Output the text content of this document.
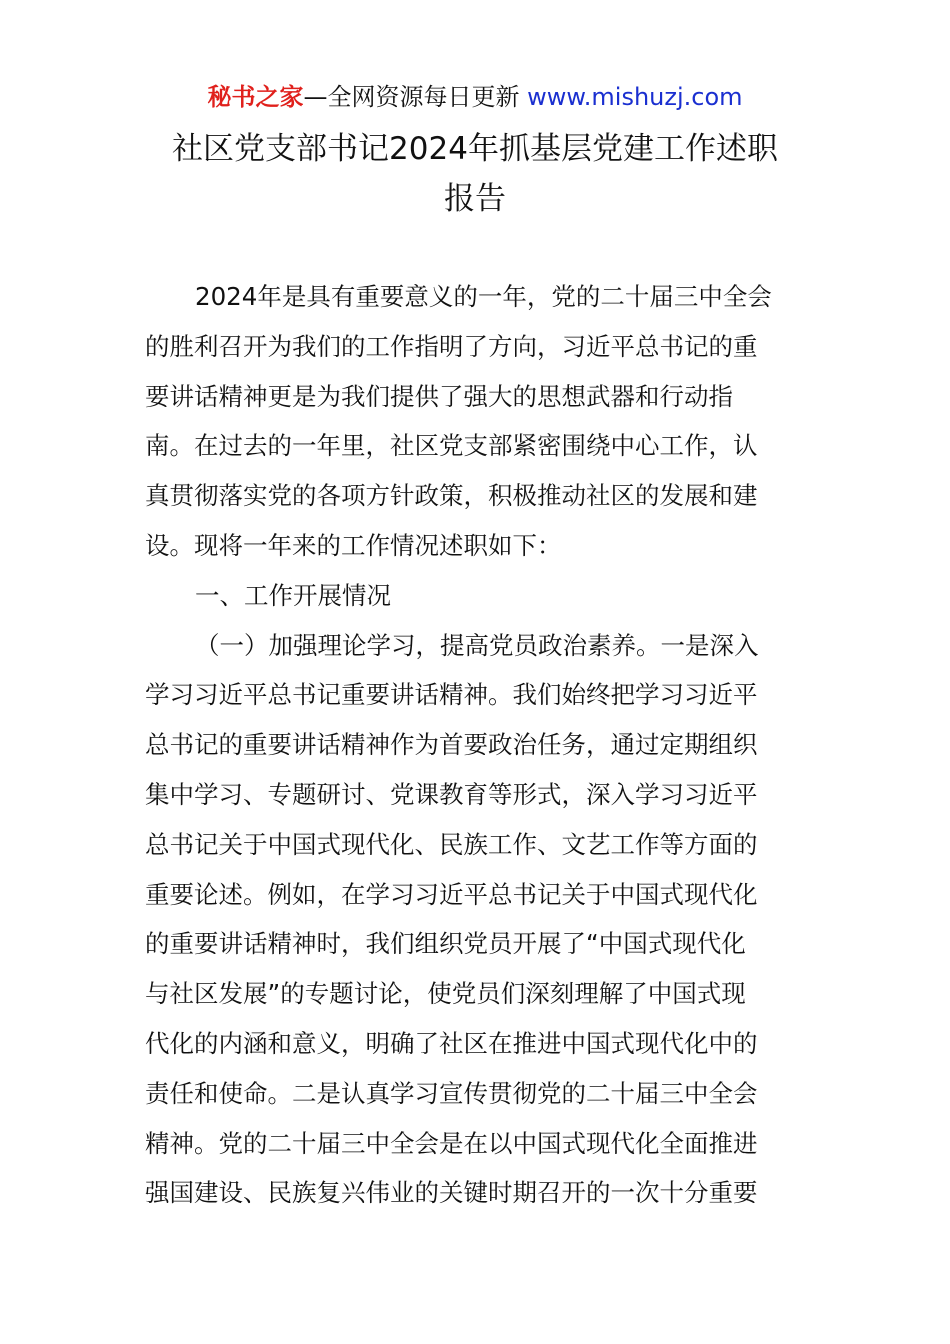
秘书之家—全网资源每日更新 www.mishuzj.com
社区党支部书记2024年抓基层党建工作述职
报告
2024年是具有重要意义的一年，党的二十届三中全会
的胜利召开为我们的工作指明了方向，习近平总书记的重
要讲话精神更是为我们提供了强大的思想武器和行动指
南。在过去的一年里，社区党支部紧密围绕中心工作，认
真贯彻落实党的各项方针政策，积极推动社区的发展和建
设。现将一年来的工作情况述职如下：
一、工作开展情况
（一）加强理论学习，提高党员政治素养。一是深入
学习习近平总书记重要讲话精神。我们始终把学习习近平
总书记的重要讲话精神作为首要政治任务，通过定期组织
集中学习、专题研讨、党课教育等形式，深入学习习近平
总书记关于中国式现代化、民族工作、文艺工作等方面的
重要论述。例如，在学习习近平总书记关于中国式现代化
的重要讲话精神时，我们组织党员开展了“中国式现代化
与社区发展”的专题讨论，使党员们深刻理解了中国式现
代化的内涵和意义，明确了社区在推进中国式现代化中的
责任和使命。二是认真学习宣传贯彻党的二十届三中全会
精神。党的二十届三中全会是在以中国式现代化全面推进
强国建设、民族复兴伟业的关键时期召开的一次十分重要
